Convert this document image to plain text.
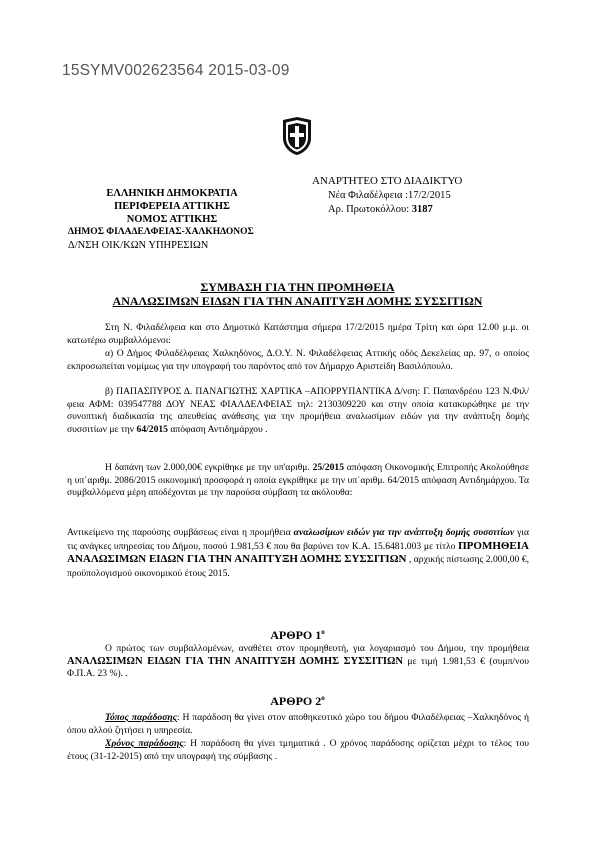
15SYMV002623564 2015-03-09
ΑΝΑΡΤΗΤΕΟ ΣΤΟ ΔΙΑΔΙΚΤΥΟ
Νέα Φιλαδέλφεια :17/2/2015
Αρ. Πρωτοκόλλου: 3187
ΕΛΛΗΝΙΚΗ ΔΗΜΟΚΡΑΤΙΑ
ΠΕΡΙΦΕΡΕΙΑ ΑΤΤΙΚΗΣ
ΝΟΜΟΣ ΑΤΤΙΚΗΣ
ΔΗΜΟΣ ΦΙΛΑΔΕΛΦΕΙΑΣ-ΧΑΛΚΗΔΟΝΟΣ
Δ/ΝΣΗ ΟΙΚ/ΚΩΝ ΥΠΗΡΕΣΙΩΝ
ΣΥΜΒΑΣΗ ΓΙΑ ΤΗΝ ΠΡΟΜΗΘΕΙΑ
ΑΝΑΛΩΣΙΜΩΝ ΕΙΔΩΝ ΓΙΑ ΤΗΝ ΑΝΑΠΤΥΞΗ ΔΟΜΗΣ ΣΥΣΣΙΤΙΩΝ
Στη Ν. Φιλαδέλφεια και στο Δημοτικό Κατάστημα σήμερα 17/2/2015 ημέρα Τρίτη και ώρα 12.00 μ.μ. οι κατωτέρω συμβαλλόμενοι:
α) Ο Δήμος Φιλαδέλφειας Χαλκηδόνος, Δ.Ο.Υ. Ν. Φιλαδέλφειας Αττικής οδός Δεκελείας αρ. 97, ο οποίος εκπροσωπείται νομίμως για την υπογραφή του παρόντος από τον Δήμαρχο Αριστείδη Βασιλόπουλο.
β) ΠΑΠΑΣΠΥΡΟΣ Δ. ΠΑΝΑΓΙΩΤΗΣ ΧΑΡΤΙΚΑ –ΑΠΟΡΡΥΠΑΝΤΙΚΑ Δ/νση: Γ. Παπανδρέου 123 Ν.Φιλ/φεια ΑΦΜ: 039547788 ΔΟΥ ΝΕΑΣ ΦΙΑΛΔΕΛΦΕΙΑΣ τηλ: 2130309220 και στην οποία κατακυρώθηκε με την συνοπτική διαδικασία της απευθείας ανάθεσης για την προμήθεια αναλωσίμων ειδών για την ανάπτυξη δομής συσσιτίων με την 64/2015 απόφαση Αντιδημάρχου .
Η δαπάνη των 2.000,00€ εγκρίθηκε με την υπ'αριθμ. 25/2015 απόφαση Οικονομικής Επιτροπής Ακολούθησε η υπ΄αριθμ. 2086/2015 οικονομική προσφορά η οποία εγκρίθηκε με την υπ΄αριθμ. 64/2015 απόφαση Αντιδημάρχου. Τα συμβαλλόμενα μέρη αποδέχονται με την παρούσα σύμβαση τα ακόλουθα:
Αντικείμενο της παρούσης συμβάσεως είναι η προμήθεια αναλωσίμων ειδών για την ανάπτυξη δομής συσσιτίων για τις ανάγκες υπηρεσίας του Δήμου, ποσού 1.981,53 € που θα βαρύνει τον Κ.Α. 15.6481.003 με τίτλο ΠΡΟΜΗΘΕΙΑ ΑΝΑΛΩΣΙΜΩΝ ΕΙΔΩΝ ΓΙΑ ΤΗΝ ΑΝΑΠΤΥΞΗ ΔΟΜΗΣ ΣΥΣΣΙΤΙΩΝ , αρχικής πίστωσης 2.000,00 €, προϋπολογισμού οικονομικού έτους 2015.
ΑΡΘΡΟ $1^o$
Ο πρώτος των συμβαλλομένων, αναθέτει στον προμηθευτή, για λογαριασμό του Δήμου, την προμήθεια ΑΝΑΛΩΣΙΜΩΝ ΕΙΔΩΝ ΓΙΑ ΤΗΝ ΑΝΑΠΤΥΞΗ ΔΟΜΗΣ ΣΥΣΣΙΤΙΩΝ με τιμή 1.981,53 € (συμπ/νου Φ.Π.Α. 23 %). .
ΑΡΘΡΟ $2^o$
Τόπος παράδοσης: Η παράδοση θα γίνει στον αποθηκευτικό χώρο του δήμου Φιλαδέλφειας –Χαλκηδόνος ή όπου αλλού ζητήσει η υπηρεσία.
Χρόνος παράδοσης: Η παράδοση θα γίνει τμηματικά . Ο χρόνος παράδοσης ορίζεται μέχρι το τέλος του έτους (31-12-2015) από την υπογραφή της σύμβασης .
